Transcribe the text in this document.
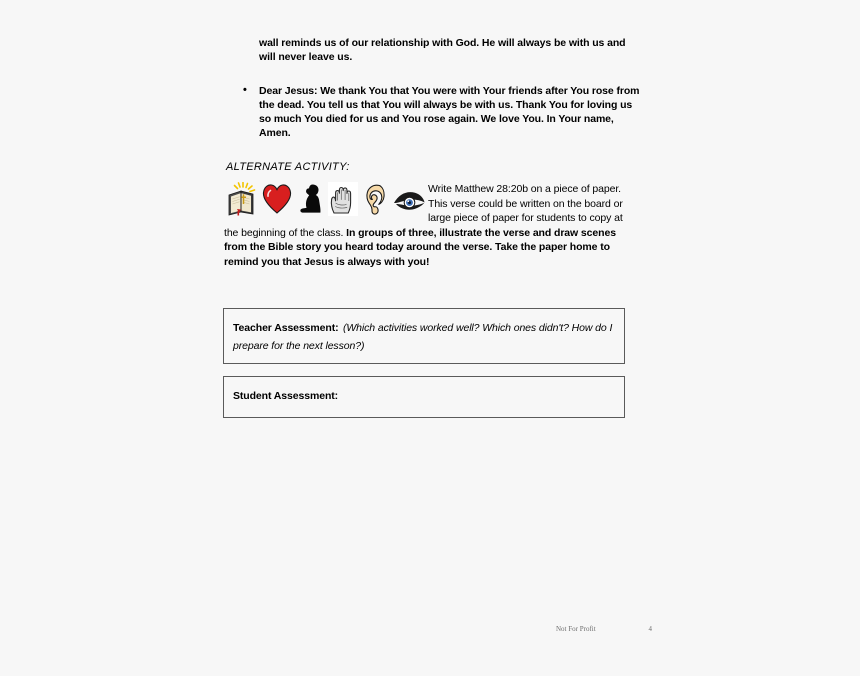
wall reminds us of our relationship with God. He will always be with us and will never leave us.

• Dear Jesus: We thank You that You were with Your friends after You rose from the dead. You tell us that You will always be with us. Thank You for loving us so much You died for us and You rose again. We love You. In Your name, Amen.
ALTERNATE ACTIVITY:
Write Matthew 28:20b on a piece of paper. This verse could be written on the board or large piece of paper for students to copy at the beginning of the class. In groups of three, illustrate the verse and draw scenes from the Bible story you heard today around the verse. Take the paper home to remind you that Jesus is always with you!
Teacher Assessment: (Which activities worked well? Which ones didn't? How do I prepare for the next lesson?)
Student Assessment:
Not For Profit	4
